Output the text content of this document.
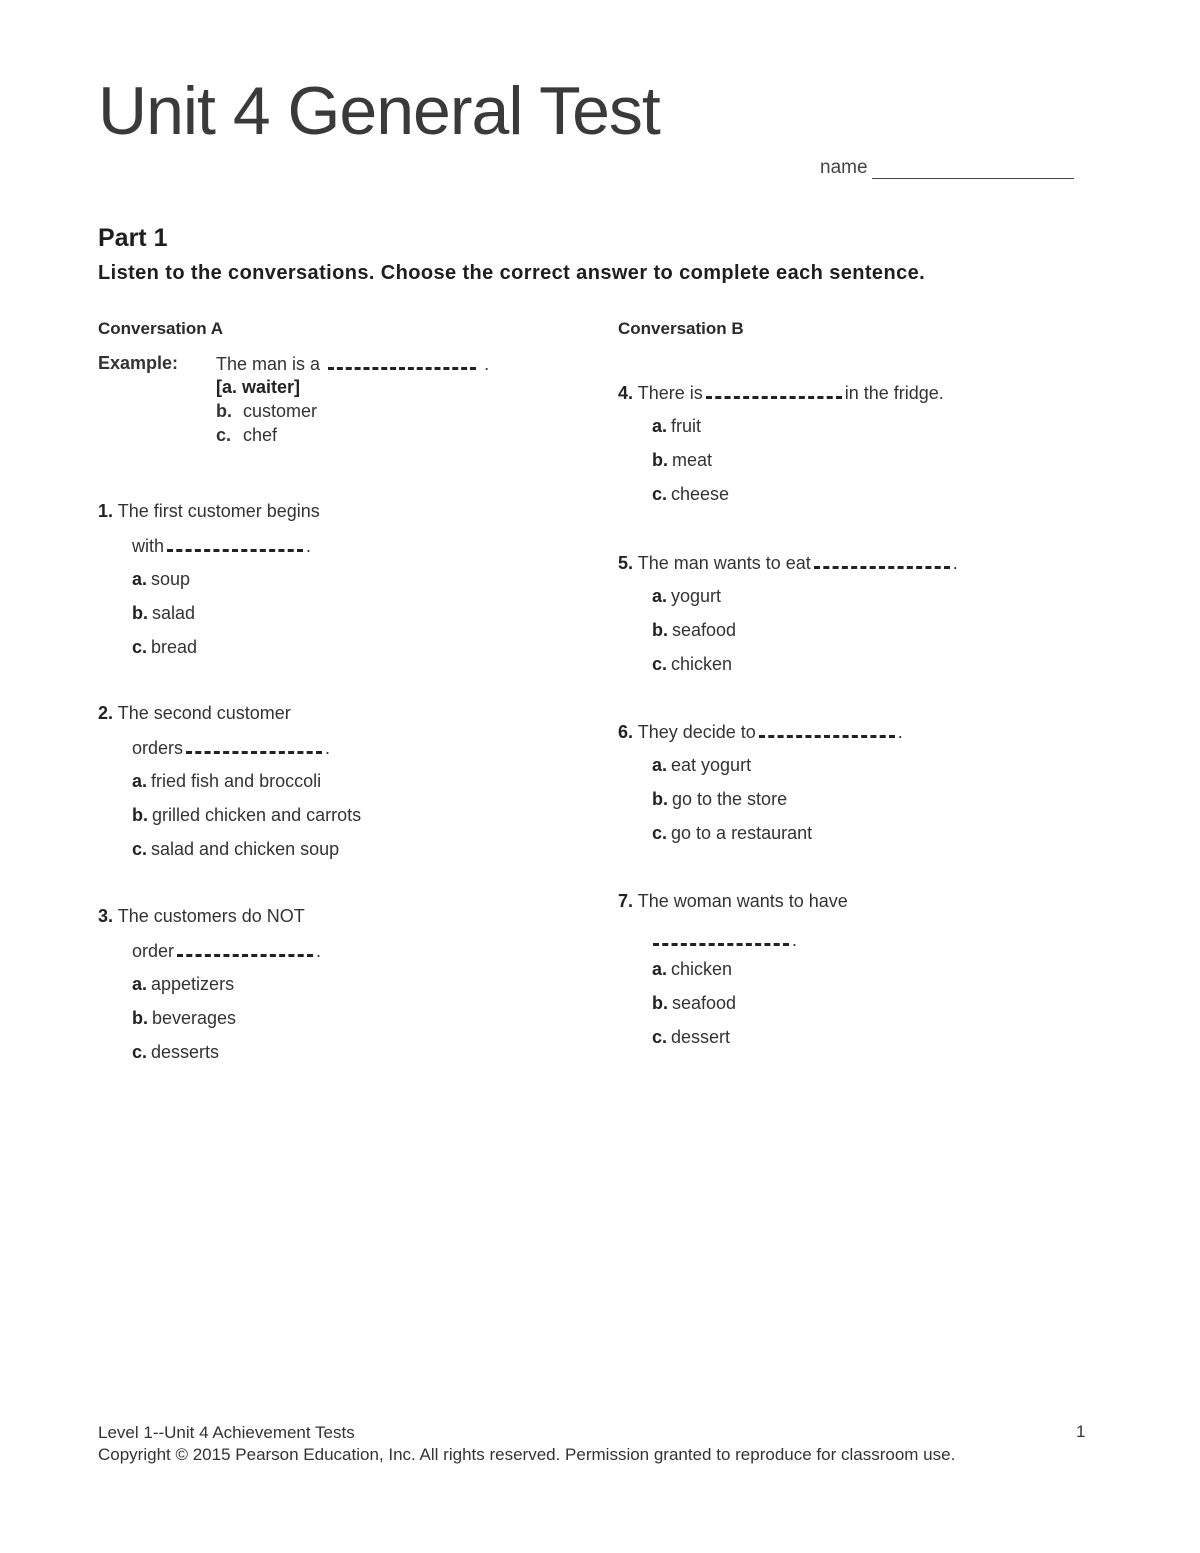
Unit 4 General Test
name
Part 1

Listen to the conversations. Choose the correct answer to complete each sentence.

Conversation A
Example: The man is a	.
[a. waiter]
b. customer
c. chef
1. The first customer begins
with	.
a. soup
b. salad
c. bread
2. The second customer
orders	.
a. fried fish and broccoli
b. grilled chicken and carrots
c. salad and chicken soup
3. The customers do NOT
order	.
a. appetizers
b. beverages
c. desserts
Conversation B
4. There is	in the fridge.
a. fruit
b. meat
c. cheese
5. The man wants to eat	.
a. yogurt
b. seafood
c. chicken
6. They decide to	.
a. eat yogurt
b. go to the store
c. go to a restaurant
7. The woman wants to have
.
a. chicken
b. seafood
c. dessert
Level 1--Unit 4 Achievement Tests
Copyright © 2015 Pearson Education, Inc. All rights reserved. Permission granted to reproduce for classroom use.
1
